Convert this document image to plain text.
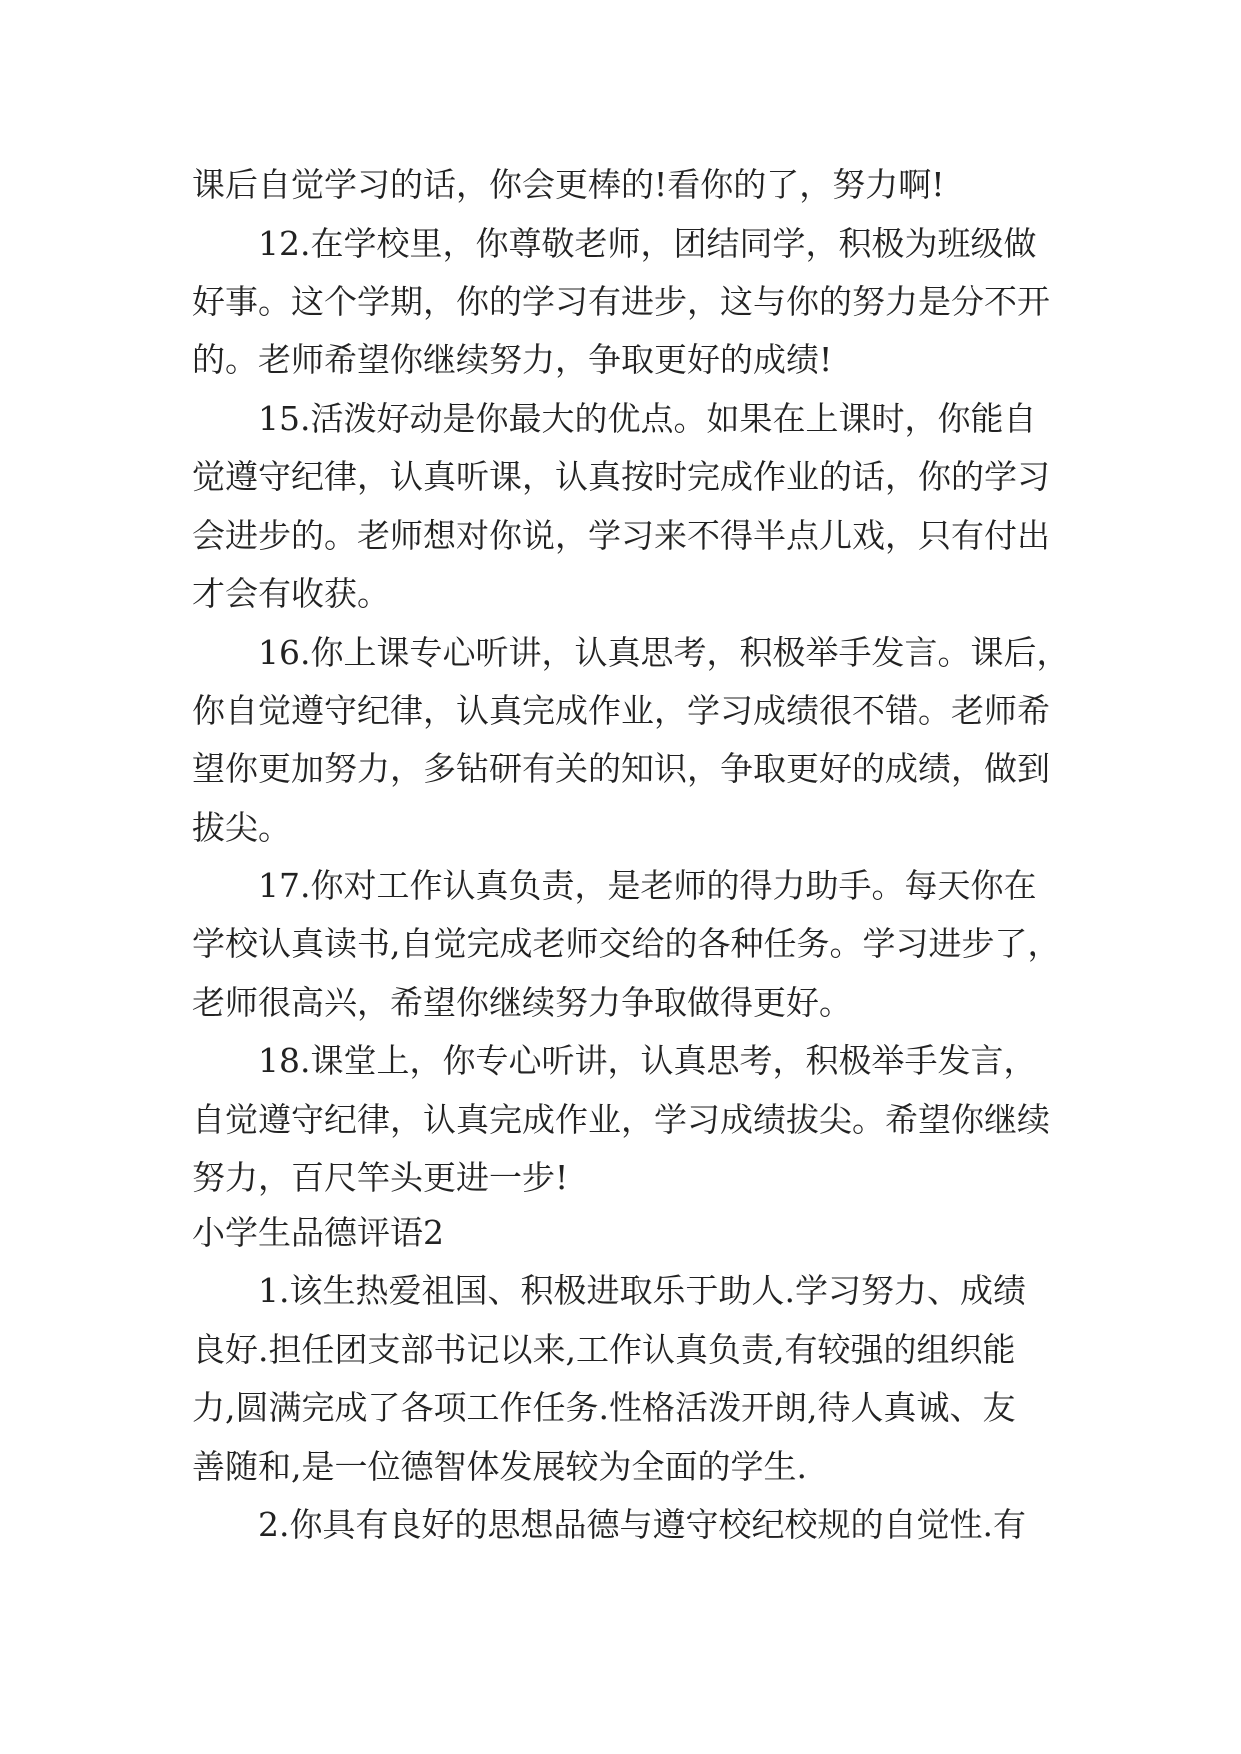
课后自觉学习的话，你会更棒的!看你的了，努力啊!
12.在学校里，你尊敬老师，团结同学，积极为班级做
好事。这个学期，你的学习有进步，这与你的努力是分不开
的。老师希望你继续努力，争取更好的成绩!
15.活泼好动是你最大的优点。如果在上课时，你能自
觉遵守纪律，认真听课，认真按时完成作业的话，你的学习
会进步的。老师想对你说，学习来不得半点儿戏，只有付出
才会有收获。
16.你上课专心听讲，认真思考，积极举手发言。课后，
你自觉遵守纪律，认真完成作业，学习成绩很不错。老师希
望你更加努力，多钻研有关的知识，争取更好的成绩，做到
拔尖。
17.你对工作认真负责，是老师的得力助手。每天你在
学校认真读书,自觉完成老师交给的各种任务。学习进步了，
老师很高兴，希望你继续努力争取做得更好。
18.课堂上，你专心听讲，认真思考，积极举手发言，
自觉遵守纪律，认真完成作业，学习成绩拔尖。希望你继续
努力，百尺竿头更进一步!
小学生品德评语2
1.该生热爱祖国、积极进取乐于助人.学习努力、成绩
良好.担任团支部书记以来,工作认真负责,有较强的组织能
力,圆满完成了各项工作任务.性格活泼开朗,待人真诚、友
善随和,是一位德智体发展较为全面的学生.
2.你具有良好的思想品德与遵守校纪校规的自觉性.有
